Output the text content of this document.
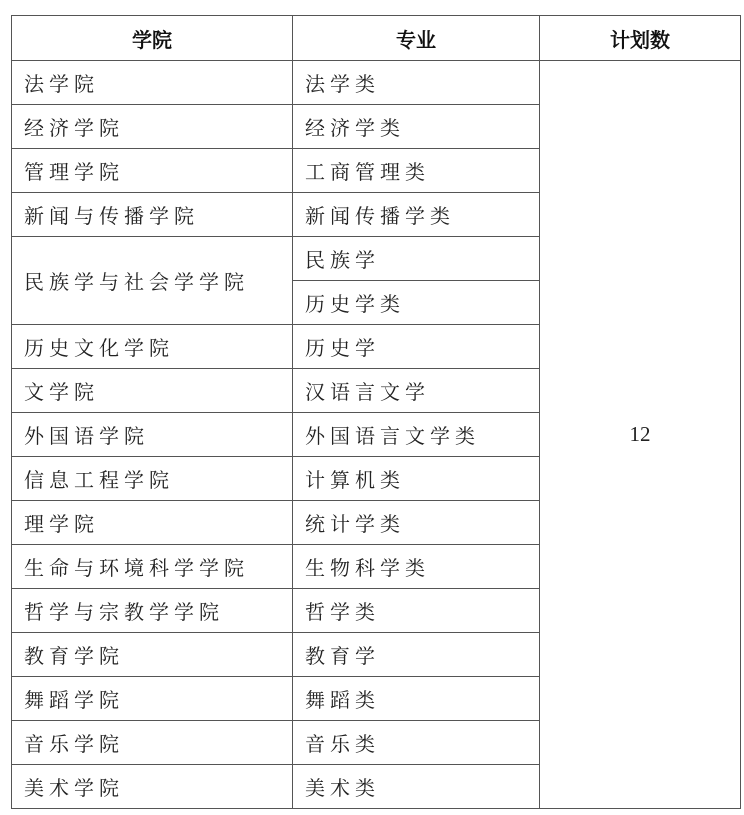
学院	专业	计划数
法学院	法学类	12
经济学院	经济学类	
管理学院	工商管理类	
新闻与传播学院	新闻传播学类	
民族学与社会学学院	民族学	
	历史学类	
历史文化学院	历史学	
文学院	汉语言文学	
外国语学院	外国语言文学类	
信息工程学院	计算机类	
理学院	统计学类	
生命与环境科学学院	生物科学类	
哲学与宗教学学院	哲学类	
教育学院	教育学	
舞蹈学院	舞蹈类	
音乐学院	音乐类	
美术学院	美术类	
